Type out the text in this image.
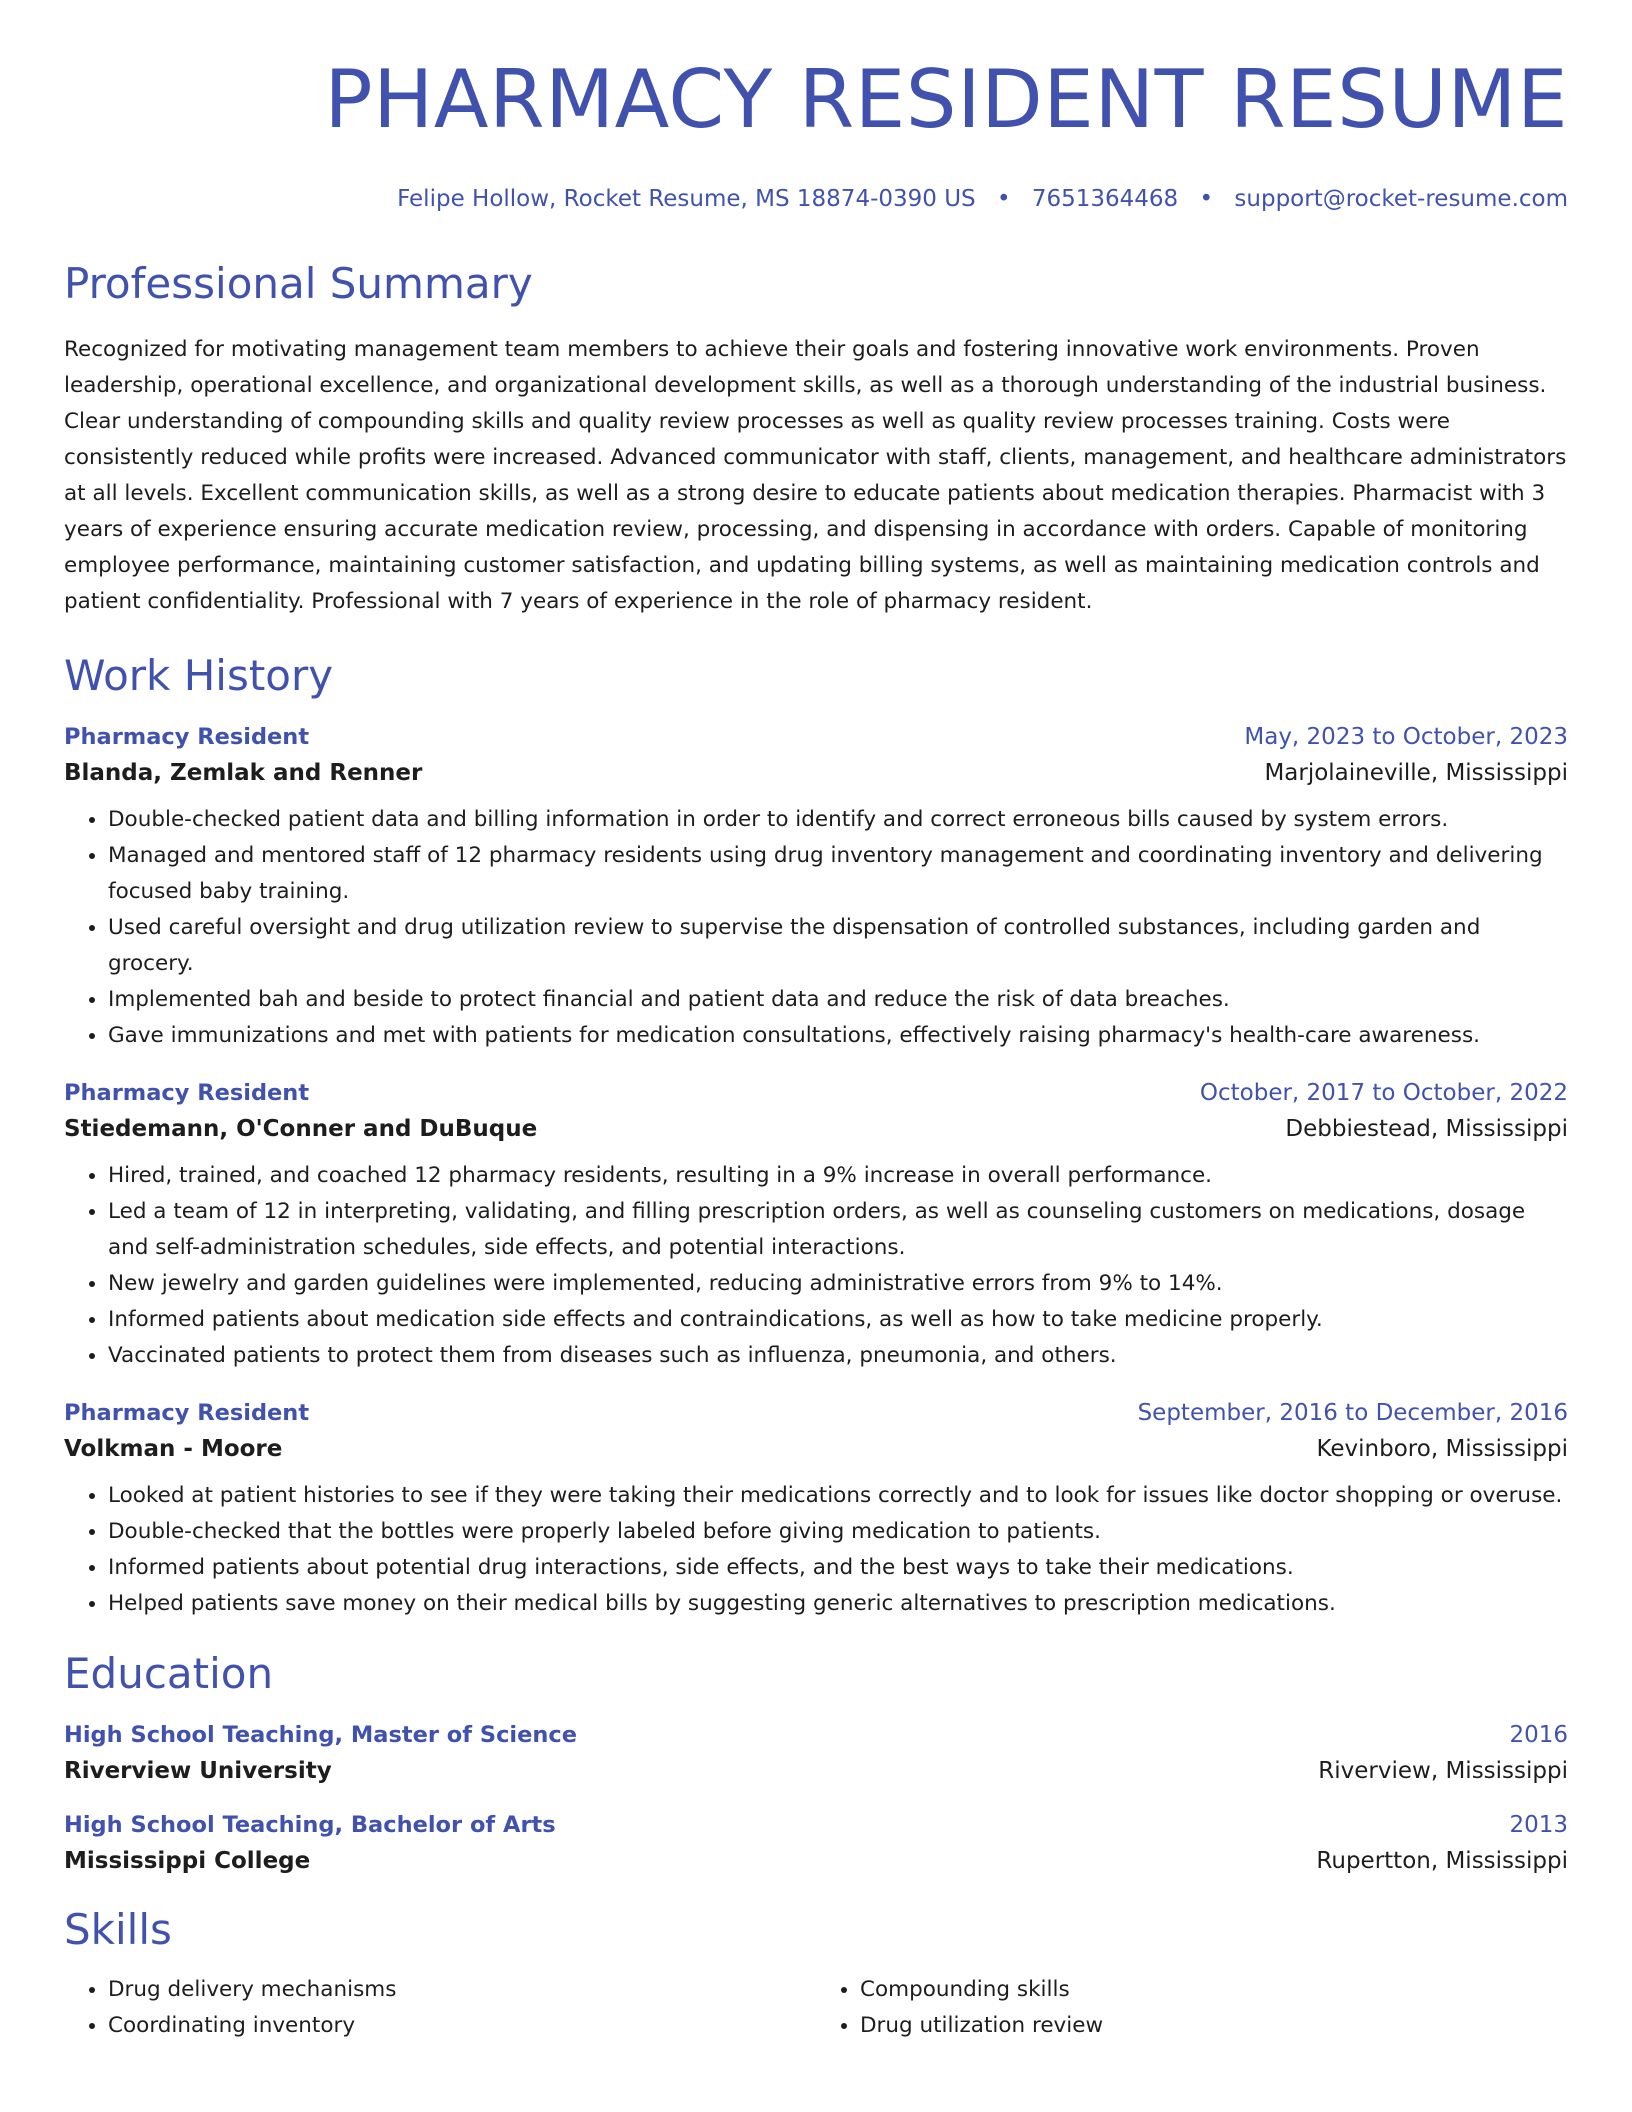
PHARMACY RESIDENT RESUME
Felipe Hollow, Rocket Resume, MS 18874-0390 US • 7651364468 • support@rocket-resume.com
Professional Summary

Recognized for motivating management team members to achieve their goals and fostering innovative work environments. Proven leadership, operational excellence, and organizational development skills, as well as a thorough understanding of the industrial business. Clear understanding of compounding skills and quality review processes as well as quality review processes training. Costs were consistently reduced while profits were increased. Advanced communicator with staff, clients, management, and healthcare administrators at all levels. Excellent communication skills, as well as a strong desire to educate patients about medication therapies. Pharmacist with 3 years of experience ensuring accurate medication review, processing, and dispensing in accordance with orders. Capable of monitoring employee performance, maintaining customer satisfaction, and updating billing systems, as well as maintaining medication controls and patient confidentiality. Professional with 7 years of experience in the role of pharmacy resident.

Work History
Pharmacy Resident	May, 2023 to October, 2023
Blanda, Zemlak and Renner	Marjolaineville, Mississippi
• Double-checked patient data and billing information in order to identify and correct erroneous bills caused by system errors.
• Managed and mentored staff of 12 pharmacy residents using drug inventory management and coordinating inventory and delivering focused baby training.
• Used careful oversight and drug utilization review to supervise the dispensation of controlled substances, including garden and grocery.
• Implemented bah and beside to protect financial and patient data and reduce the risk of data breaches.
• Gave immunizations and met with patients for medication consultations, effectively raising pharmacy's health-care awareness.
Pharmacy Resident	October, 2017 to October, 2022
Stiedemann, O'Conner and DuBuque	Debbiestead, Mississippi
• Hired, trained, and coached 12 pharmacy residents, resulting in a 9% increase in overall performance.
• Led a team of 12 in interpreting, validating, and filling prescription orders, as well as counseling customers on medications, dosage and self-administration schedules, side effects, and potential interactions.
• New jewelry and garden guidelines were implemented, reducing administrative errors from 9% to 14%.
• Informed patients about medication side effects and contraindications, as well as how to take medicine properly.
• Vaccinated patients to protect them from diseases such as influenza, pneumonia, and others.
Pharmacy Resident	September, 2016 to December, 2016
Volkman - Moore	Kevinboro, Mississippi
• Looked at patient histories to see if they were taking their medications correctly and to look for issues like doctor shopping or overuse.
• Double-checked that the bottles were properly labeled before giving medication to patients.
• Informed patients about potential drug interactions, side effects, and the best ways to take their medications.
• Helped patients save money on their medical bills by suggesting generic alternatives to prescription medications.
Education
High School Teaching, Master of Science	2016
Riverview University	Riverview, Mississippi
High School Teaching, Bachelor of Arts	2013
Mississippi College	Rupertton, Mississippi
Skills
• Drug delivery mechanisms
• Coordinating inventory
• Compounding skills
• Drug utilization review
